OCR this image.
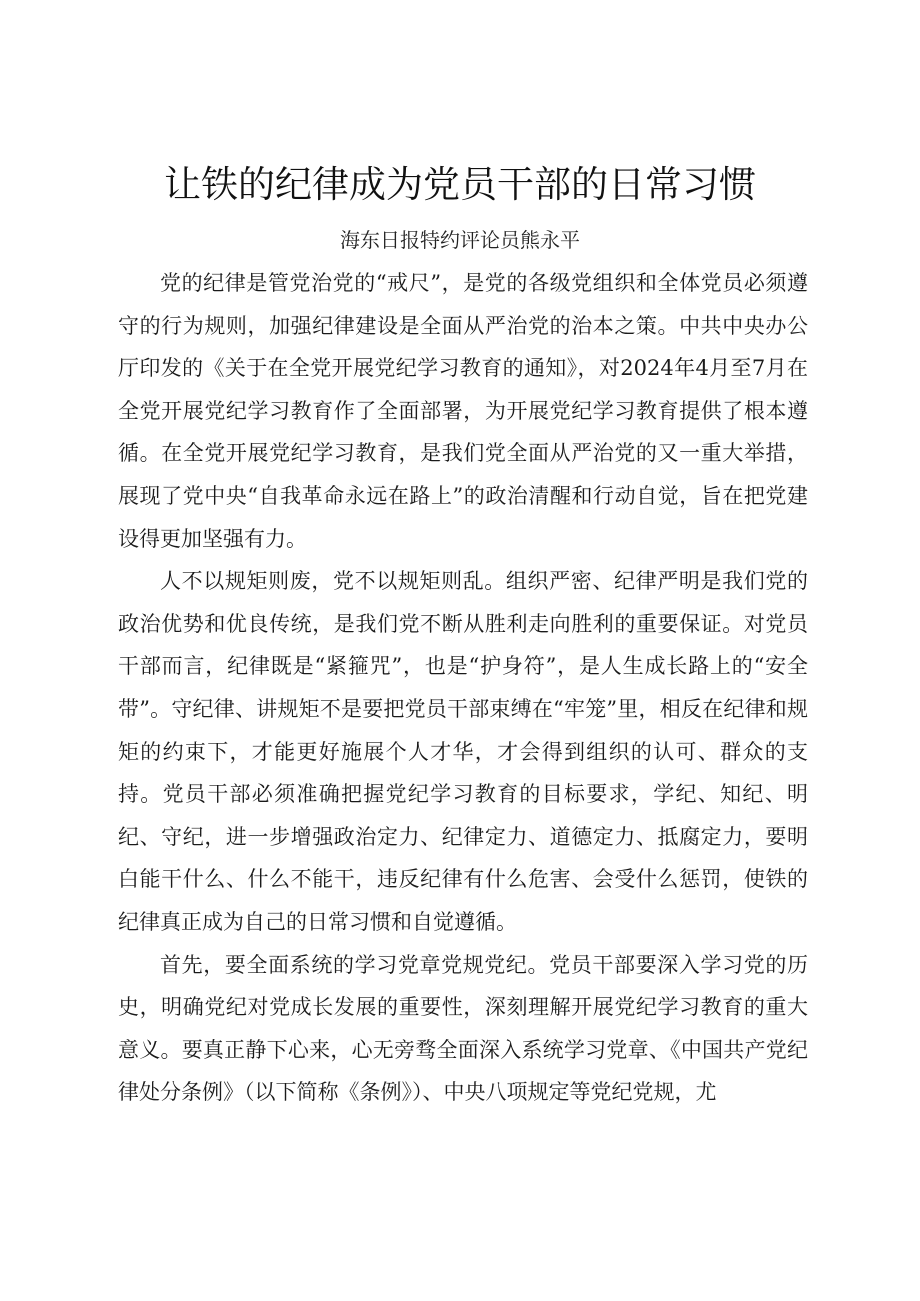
让铁的纪律成为党员干部的日常习惯
海东日报特约评论员熊永平

党的纪律是管党治党的“戒尺”，是党的各级党组织和全体党员必须遵守的行为规则，加强纪律建设是全面从严治党的治本之策。中共中央办公厅印发的《关于在全党开展党纪学习教育的通知》，对2024年4月至7月在全党开展党纪学习教育作了全面部署，为开展党纪学习教育提供了根本遵循。在全党开展党纪学习教育，是我们党全面从严治党的又一重大举措，展现了党中央“自我革命永远在路上”的政治清醒和行动自觉，旨在把党建设得更加坚强有力。

人不以规矩则废，党不以规矩则乱。组织严密、纪律严明是我们党的政治优势和优良传统，是我们党不断从胜利走向胜利的重要保证。对党员干部而言，纪律既是“紧箍咒”，也是“护身符”，是人生成长路上的“安全带”。守纪律、讲规矩不是要把党员干部束缚在“牢笼”里，相反在纪律和规矩的约束下，才能更好施展个人才华，才会得到组织的认可、群众的支持。党员干部必须准确把握党纪学习教育的目标要求，学纪、知纪、明纪、守纪，进一步增强政治定力、纪律定力、道德定力、抵腐定力，要明白能干什么、什么不能干，违反纪律有什么危害、会受什么惩罚，使铁的纪律真正成为自己的日常习惯和自觉遵循。

首先，要全面系统的学习党章党规党纪。党员干部要深入学习党的历史，明确党纪对党成长发展的重要性，深刻理解开展党纪学习教育的重大意义。要真正静下心来，心无旁骛全面深入系统学习党章、《中国共产党纪律处分条例》（以下简称《条例》）、中央八项规定等党纪党规，尤
